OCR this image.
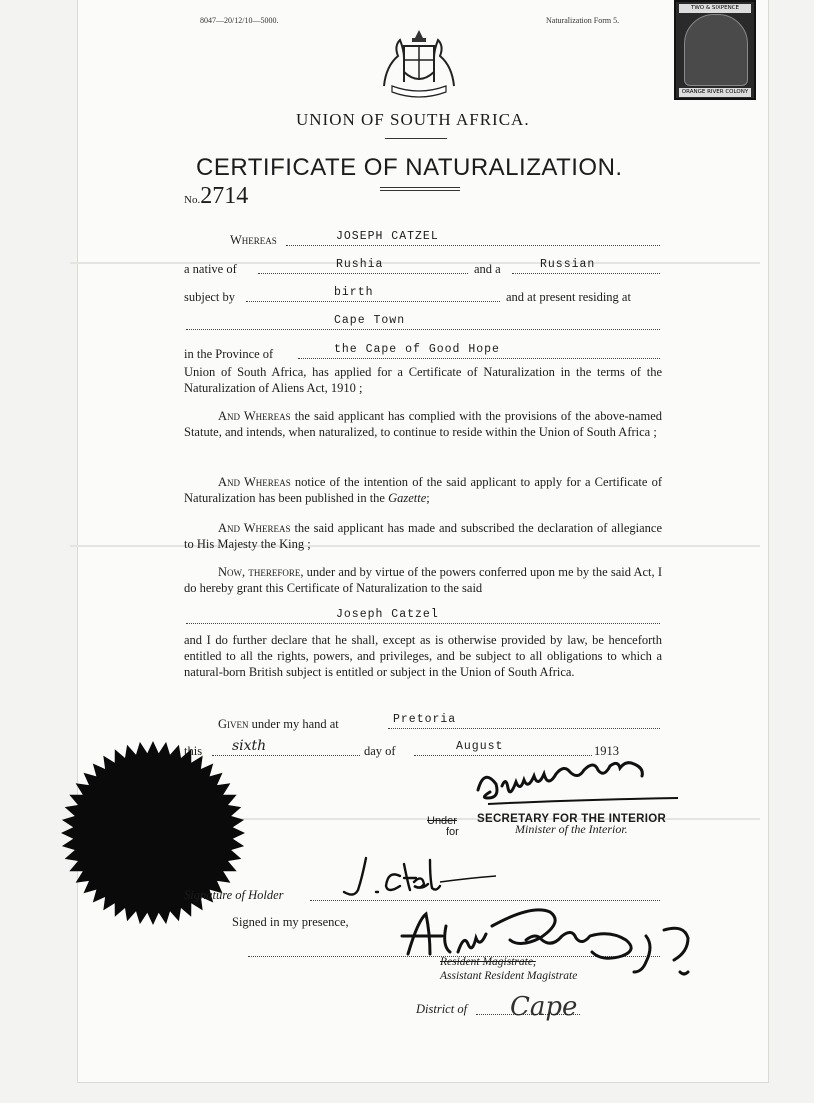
8047—20/12/10—5000.	Naturalization Form 5.
TWO & SIXPENCE
ORANGE RIVER COLONY
UNION OF SOUTH AFRICA.
CERTIFICATE OF NATURALIZATION.
No.2714
Whereas	JOSEPH CATZEL
a native of	Rushia	and a	Russian
subject by	birth	and at present residing at
Cape Town
in the Province of	the Cape of Good Hope
Union of South Africa, has applied for a Certificate of Naturalization in the terms of the Naturalization of Aliens Act, 1910 ;
And Whereas the said applicant has complied with the provisions of the above-named Statute, and intends, when naturalized, to continue to reside within the Union of South Africa ;
And Whereas notice of the intention of the said applicant to apply for a Certificate of Naturalization has been published in the Gazette;
And Whereas the said applicant has made and subscribed the declaration of allegiance to His Majesty the King ;
Now, therefore, under and by virtue of the powers conferred upon me by the said Act, I do hereby grant this Certificate of Naturalization to the said
Joseph Catzel
and I do further declare that he shall, except as is otherwise provided by law, be henceforth entitled to all the rights, powers, and privileges, and be subject to all obligations to which a natural-born British subject is entitled or subject in the Union of South Africa.
Given under my hand at	Pretoria
this sixth	day of	August	1913
Under SECRETARY FOR THE INTERIOR
for	Minister of the Interior.
Signature of Holder
Signed in my presence,
Resident Magistrate,
Assistant Resident Magistrate
District of Cape
